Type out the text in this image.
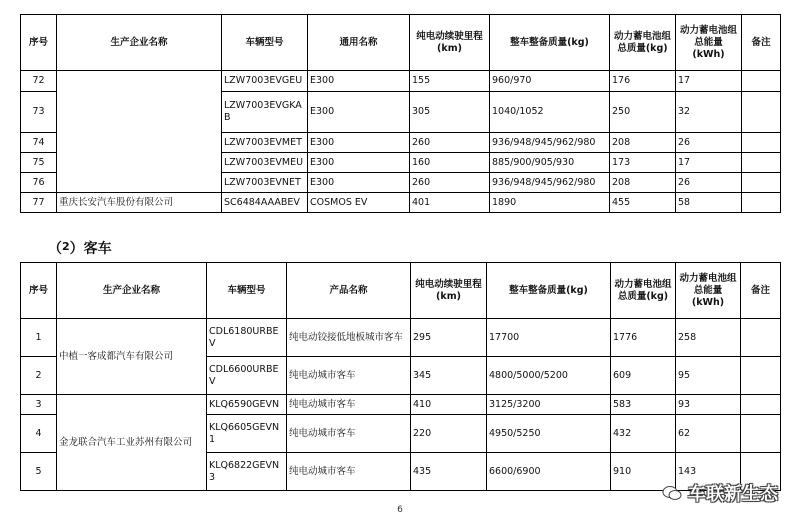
序号	生产企业名称	车辆型号	通用名称	纯电动续驶里程
(km)	整车整备质量(kg)	动力蓄电池组
总质量(kg)	动力蓄电池组
总能量
(kWh)	备注
72		LZW7003EVGEU	E300	155	960/970	176	17	
73		LZW7003EVGKAB	E300	305	1040/1052	250	32	
74		LZW7003EVMET	E300	260	936/948/945/962/980	208	26	
75		LZW7003EVMEU	E300	160	885/900/905/930	173	17	
76		LZW7003EVNET	E300	260	936/948/945/962/980	208	26	
77	重庆长安汽车股份有限公司	SC6484AAABEV	COSMOS EV	401	1890	455	58	
（$^2$）客车
序号	生产企业名称	车辆型号	产品名称	纯电动续驶里程
(km)	整车整备质量(kg)	动力蓄电池组
总质量(kg)	动力蓄电池组
总能量
(kWh)	备注
1	中植一客成都汽车有限公司	CDL6180URBEV	纯电动铰接低地板城市客车	295	17700	1776	258	
2		CDL6600URBEV	纯电动城市客车	345	4800/5000/5200	609	95	
3	金龙联合汽车工业苏州有限公司	KLQ6590GEVN	纯电动城市客车	410	3125/3200	583	93	
4		KLQ6605GEVN1	纯电动城市客车	220	4950/5250	432	62	
5		KLQ6822GEVN3	纯电动城市客车	435	6600/6900	910	143	
车联新生态
6
